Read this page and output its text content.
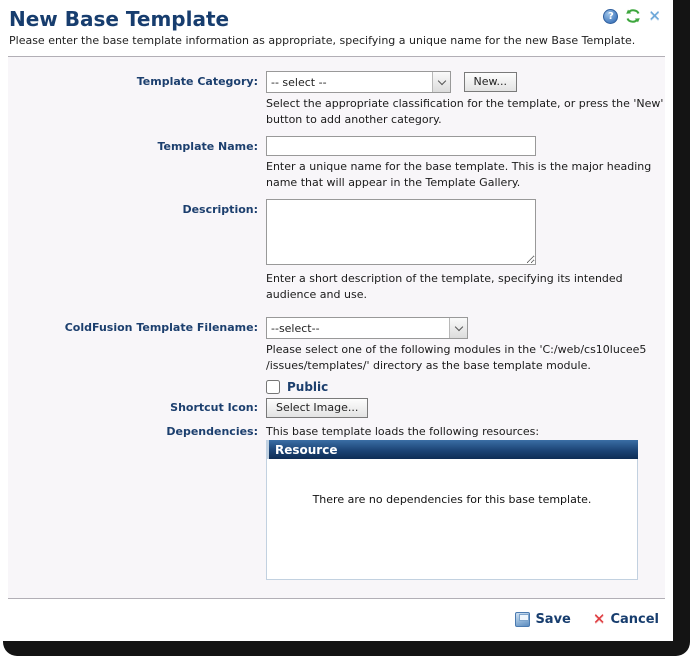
New Base Template	?	✕
Please enter the base template information as appropriate, specifying a unique name for the new Base Template.
Template Category:
-- select --	New...
Select the appropriate classification for the template, or press the 'New' button to add another category.
Template Name:
Enter a unique name for the base template. This is the major heading name that will appear in the Template Gallery.
Description:
Enter a short description of the template, specifying its intended audience and use.
ColdFusion Template Filename:
--select--
Please select one of the following modules in the 'C:/web/cs10lucee5 /issues/templates/' directory as the base template module.
Public
Shortcut Icon:	Select Image...
Dependencies: This base template loads the following resources:
Resource
There are no dependencies for this base template.
Save ✕ Cancel
